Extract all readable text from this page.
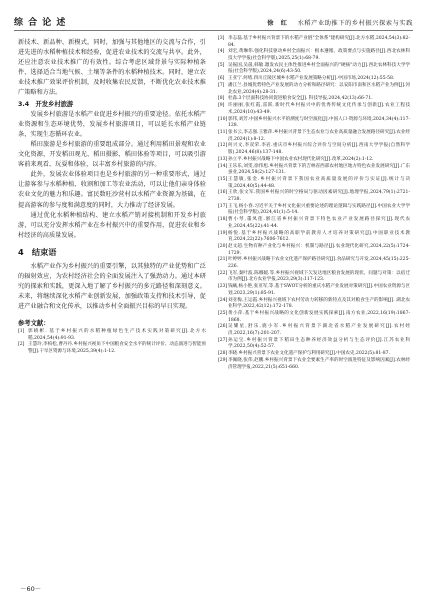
综 合 论 述	徐　红 水稻产业助推下的乡村振兴探索与实践

新技术、新品种、新模式，同时，加强与其他地区的交流与合作，引进先进的水稻种植技术和经验，促进农业技术的交流与共享。此外，还应注意农业技术推广的有效性。综合考虑区域背景与实际种植条件，选择适合当地气候、土壤等条件的水稻种植技术。同时，建立农业技术推广效果评价机制，及时收集农民反馈，不断优化农业技术推广策略和方法。

3.4　开发乡村旅游

发展乡村旅游是水稻产业促进乡村振兴的重要途径。依托水稻产业资源和生态环境优势，发展乡村旅游项目，可以延长水稻产业链条，实现生态循环农业。

稻田旅游是乡村旅游的重要组成部分。通过利用稻田景观和农业文化资源，开发稻田观光、稻田摄影、稻田体验等项目，可以吸引游客前来观看、玩耍和体验，以丰富乡村旅游的内容。

此外，发展农业体验项目也是乡村旅游的另一种重要形式，通过让游客参与水稻种植、收割和加工等农业活动，可以让他们亲身体验农业文化的魅力和乐趣。富民数旺沙营村以水稻产业资源为基础，在提高游客的参与度和满意度的同时，大力推动了经济发展。

通过优化水稻种植结构、建立水稻产销对接机制和开发乡村旅游，可以充分发挥水稻产业在乡村振兴中的重要作用，促进农业和乡村经济的高质量发展。

4　结束语

水稻产业作为乡村振兴的重要引擎，以其独特的产业优势和广泛的辐射效应，为农村经济社会的全面发展注入了强劲动力。通过本研究的探索和实践，更深入地了解了乡村振兴的多元路径和深刻意义。未来，将继续深化水稻产业创新发展，加强政策支持和技术引导，促进产业融合和文化传承，以推动乡村全面振兴目标的早日实现。

参考文献：
[1] 郭峤彬. 基于乡村振兴的水稻种植绿色生产技术实践对策研究[J].北方水稻,2024,54(4):91-93.
[2] 王慧玲,李柏松,曹丹丹.乡村振兴视角下中国粮食安全水平的统计评价、动态演进与智能预警[J].干旱区资源与环境,2025,39(4):1-12.
[3] 李志磊.基于乡村振兴背景下的水稻产业链"全体系"建构研究[J].北方水稻,2024,54(3):82-84.
[4] 刘宏,黄琳伟.强化科技驱动乡村全面振兴：根本遵循、政策要点与实施路径[J].西北农林科技大学学报(社会科学版),2025,25(1):68-79.
[5] 吴振国,吴晟,韩敏.激发农民主体性推进乡村全面振兴的"硬核"动力[J].西北农林科技大学学报(社会科学版),2024,24(6):43-50.
[6] 王亚宁.何绪.四川丘陵区城乡水稻产业发展策略分析[J].中国市场,2024(12):55-58.
[7] 潘江兰.县城优势特色产业发展的动力分析和路径研究：以安阳市南和区水稻产业为例[J].河北农业,2024(4):28-31.
[8] 杜淼.3个层面科技协同促进粮食安全[J]. 科技导报,2024,42(13):66-71.
[9] 许丽丽,张红霞,雷跃.新时代乡村振兴中的优秀传统文化传承与创新[J].农业工程技术,2024(10):43-49.
[10] 郭伟,刘芳.中国乡村振兴水平的测度与时空演化[J].中国人口·资源与环境,2024,34(4):117-128.
[11] 张书云,李志强.王雅萍.乡村振兴背景下生态农业与农业高质量融合发展路径研究[J].农业经济,2024(1):8-12.
[12] 何兴文,李双荣.李岩.重庆市乡村振兴综合评价与空间分析[J].西南大学学报(自然科学版),2024,46(8):137-148.
[13] 孙立平.乡村振兴战略下中国农业农村现代化研究[J].改革,2024(2):1-12.
[14] 王乐乐,刘雯,徐伟旭.乡村振兴背景下的吉林省西部农村地区地方特色农业发展研究[J].广东蚕业,2024,58(2):127-131.
[15] 王慧敏,张金.乡村振兴背景下我国农业高质量发展的评价与实证[J].统计与决策,2024,40(5):44-48.
[16] 王欣,张文军.我国乡村振兴的时空格局与驱动因素研究[J].地理学报,2024,79(1):2721-2738.
[17] 王飞,杨小春.习近平关于乡村文化振兴重要论述的理论逻辑与实践路径[J].中国农业大学学报(社会科学版),2024,41(1):5-14.
[18] 曹小琴,董凤莲.浙江省乡村振兴背景下特色农业产业发展路径探究[J].现代农业,2024,45(22):41-44.
[19] 杨悦.基于乡村振兴战略的高职学前教育人才培养对策研究[J].中国职业技术教育,2024,22(22):7606-7612.
[20] 赵文超.生物有种产业化与乡村振兴：机制与路径[J].农业现代化研究,2024,22(5):1724-1729.
[21] 叶婷婷.乡村振兴战略下农业文化遗产保护路径研究[J].食品研究与开发,2024,45(15):225-226.
[22] 飞军,秦叶波.陈娜媛.等.乡村振兴视域下欠发达地区粮食发展的现状、问题与对策：以宿迁市为例[J].北方农业学报,2023,29(3):117-123.
[23] 钱曦,杨小艳,张亚军,等.基于SWOT分析的重庆水稻产业发展对策研究[J].中国农业资源与区划,2023,29(1):85-91.
[24] 刘亚梅,王运霞.乡村振兴视域下农村劳动力转移的新特点及其对粮食生产的影响[J]. 湖北农业科学,2022,42(12):172-178.
[25] 黄小萍.基于乡村振兴战略的文化创新发展实践探索[J].南方农业,2022,16(19):1867-1868.
[26] 吴耀星,舒乐,鹿小军.乡村振兴背景下湖北省水稻产业发展研究[J].农村经济,2022,16(7):201-207.
[27] 孙运宝.乡村振兴背景下稻田生态种养经济效益分析与生态评价[J].江苏农业科学,2022,50(4):52-57.
[28] 李晓.乡村振兴背景下农业文化遗产保护与利用研究[J].中国农史,2022(5):81-87.
[29] 李佩晓,张伟,赵鹏.乡村振兴背景下农业全要素生产率的时空演进特征及影响因素[J].农林经济管理学报,2022,21(5):651-660.
－60－
